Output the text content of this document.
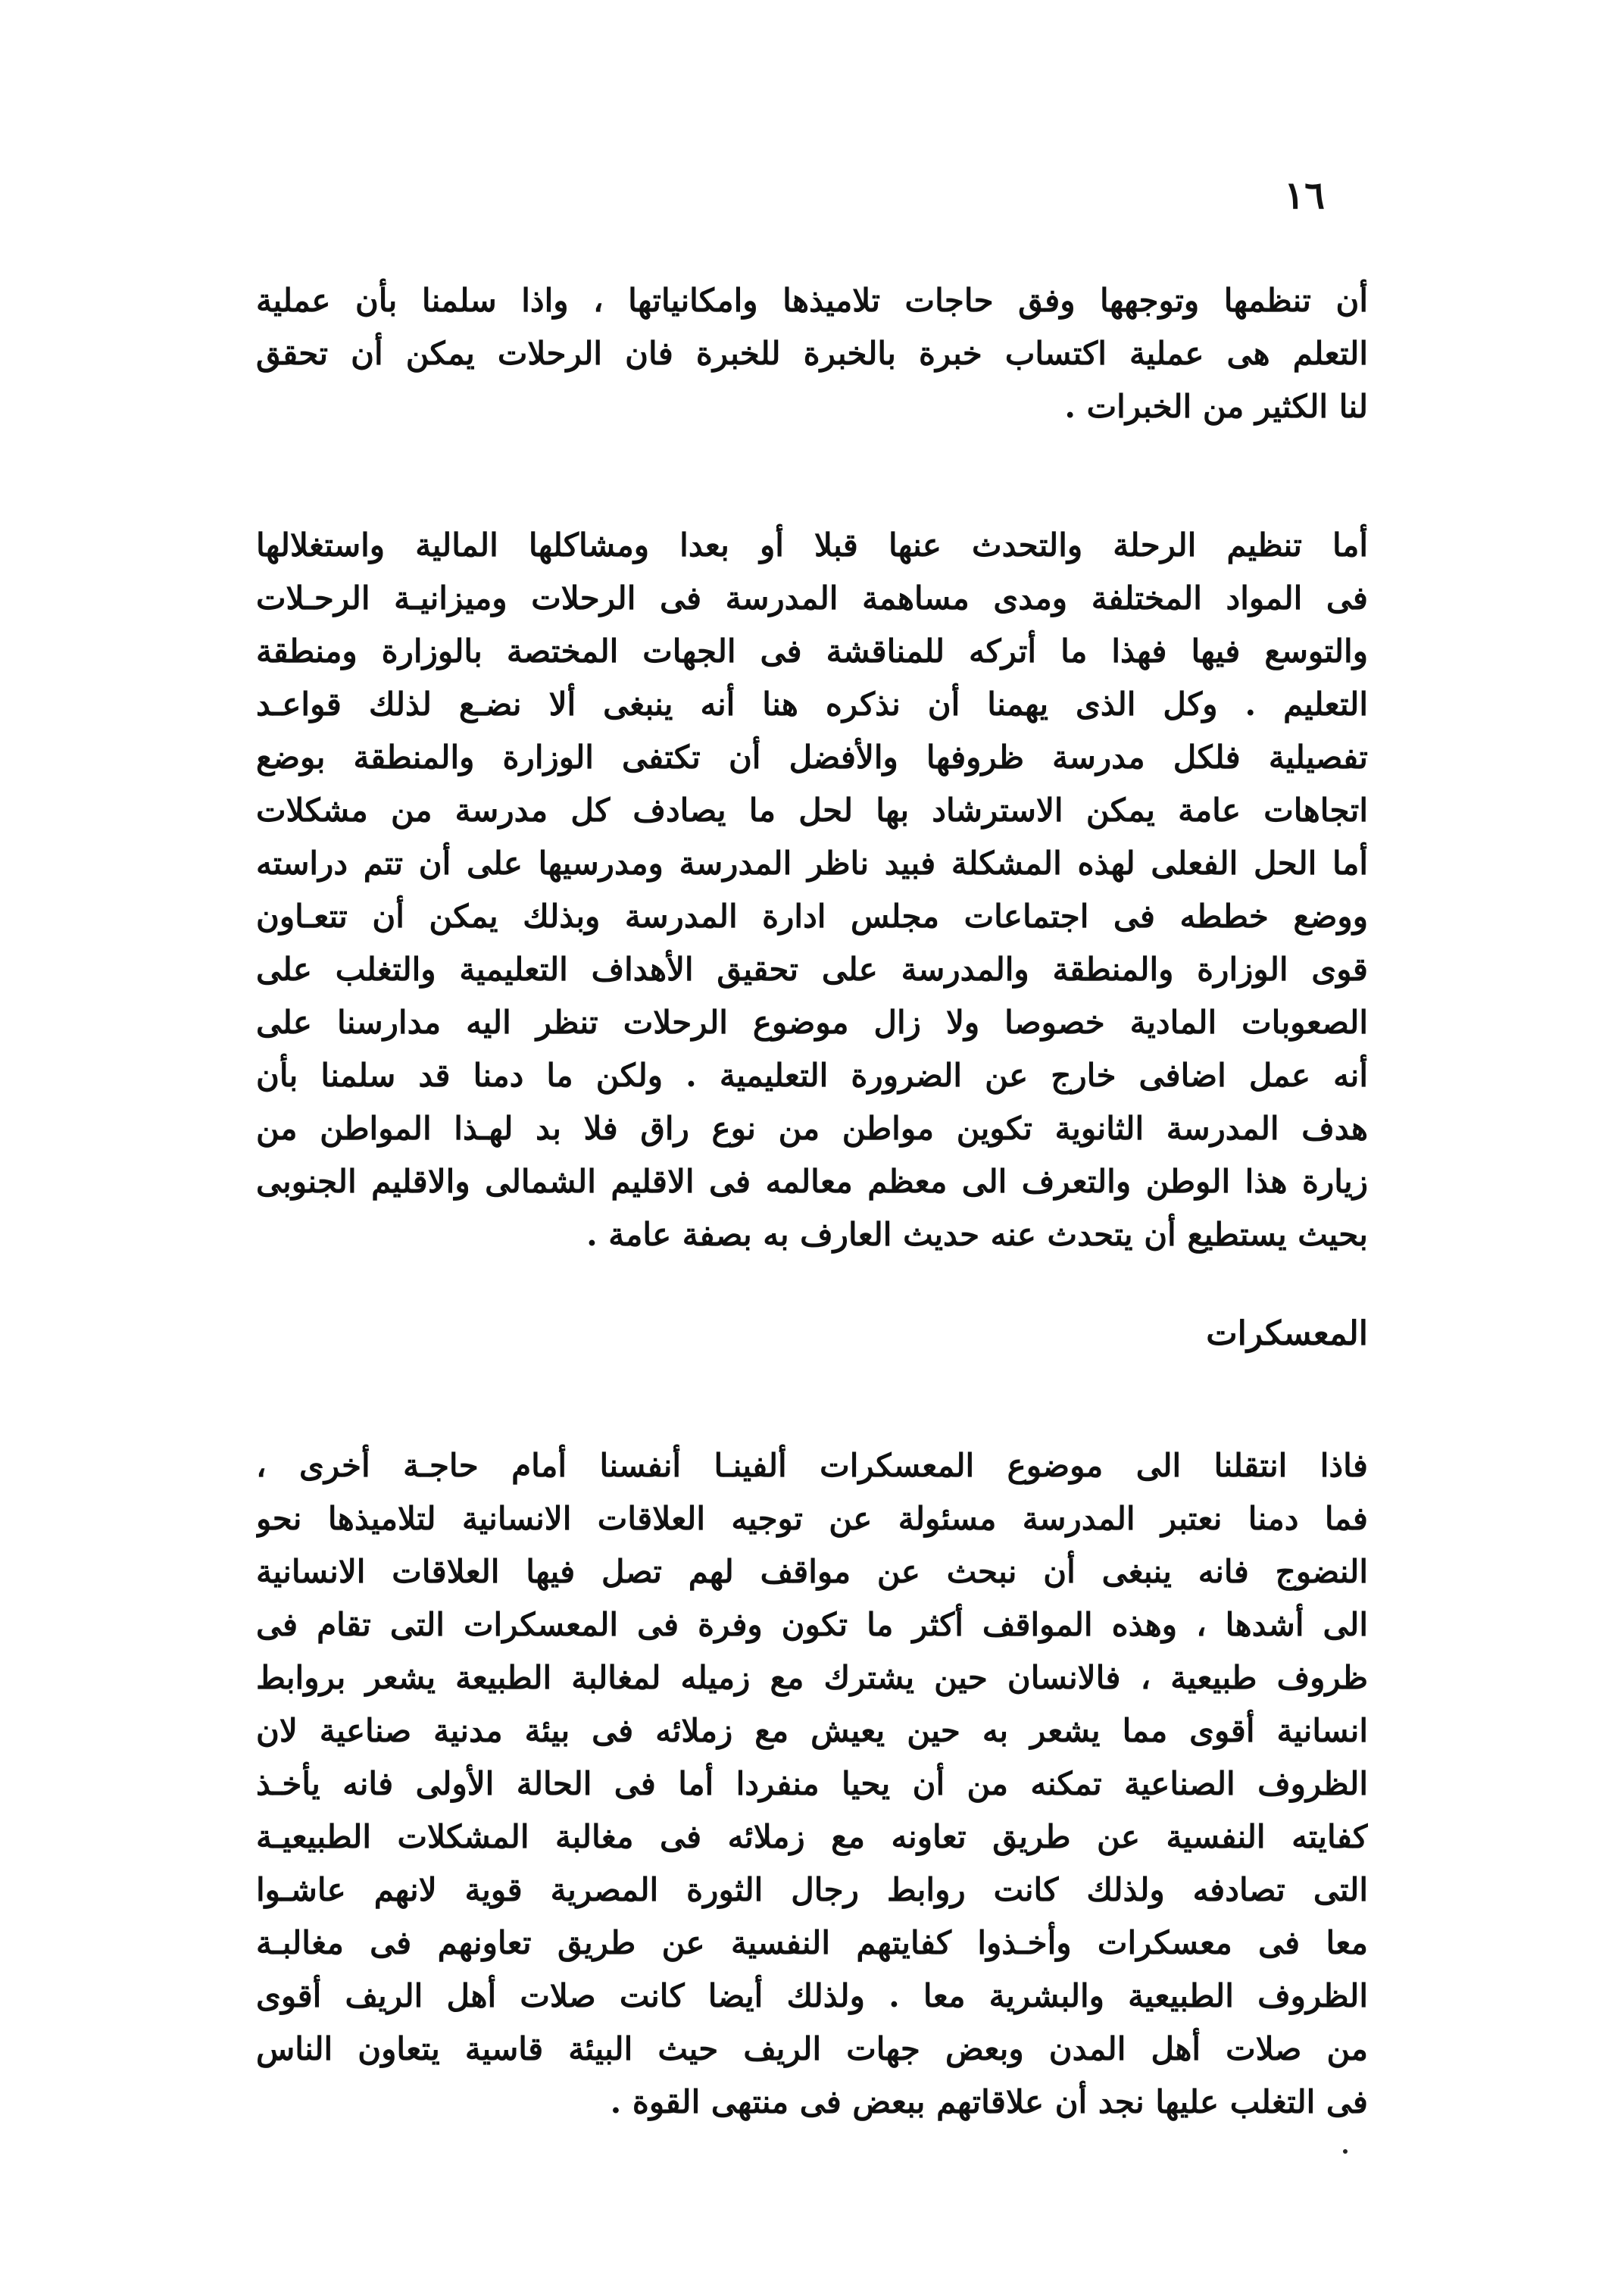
١٦
أن تنظمها وتوجهها وفق حاجات تلاميذها وامكانياتها ، واذا سلمنا بأن عملية
التعلم هى عملية اكتساب خبرة بالخبرة للخبرة فان الرحلات يمكن أن تحقق
لنا الكثير من الخبرات .
أما تنظيم الرحلة والتحدث عنها قبلا أو بعدا ومشاكلها المالية واستغلالها
فى المواد المختلفة ومدى مساهمة المدرسة فى الرحلات وميزانيـة الرحـلات
والتوسع فيها فهذا ما أتركه للمناقشة فى الجهات المختصة بالوزارة ومنطقة
التعليم . وكل الذى يهمنا أن نذكره هنا أنه ينبغى ألا نضـع لذلك قواعـد
تفصيلية فلكل مدرسة ظروفها والأفضل أن تكتفى الوزارة والمنطقة بوضع
اتجاهات عامة يمكن الاسترشاد بها لحل ما يصادف كل مدرسة من مشكلات
أما الحل الفعلى لهذه المشكلة فبيد ناظر المدرسة ومدرسيها على أن تتم دراسته
ووضع خططه فى اجتماعات مجلس ادارة المدرسة وبذلك يمكن أن تتعـاون
قوى الوزارة والمنطقة والمدرسة على تحقيق الأهداف التعليمية والتغلب على
الصعوبات المادية خصوصا ولا زال موضوع الرحلات تنظر اليه مدارسنا على
أنه عمل اضافى خارج عن الضرورة التعليمية . ولكن ما دمنا قد سلمنا بأن
هدف المدرسة الثانوية تكوين مواطن من نوع راق فلا بد لهـذا المواطن من
زيارة هذا الوطن والتعرف الى معظم معالمه فى الاقليم الشمالى والاقليم الجنوبى
بحيث يستطيع أن يتحدث عنه حديث العارف به بصفة عامة .
المعسكرات
فاذا انتقلنا الى موضوع المعسكرات ألفينـا أنفسنا أمام حاجـة أخرى ،
فما دمنا نعتبر المدرسة مسئولة عن توجيه العلاقات الانسانية لتلاميذها نحو
النضوج فانه ينبغى أن نبحث عن مواقف لهم تصل فيها العلاقات الانسانية
الى أشدها ، وهذه المواقف أكثر ما تكون وفرة فى المعسكرات التى تقام فى
ظروف طبيعية ، فالانسان حين يشترك مع زميله لمغالبة الطبيعة يشعر بروابط
انسانية أقوى مما يشعر به حين يعيش مع زملائه فى بيئة مدنية صناعية لان
الظروف الصناعية تمكنه من أن يحيا منفردا أما فى الحالة الأولى فانه يأخـذ
كفايته النفسية عن طريق تعاونه مع زملائه فى مغالبة المشكلات الطبيعيـة
التى تصادفه ولذلك كانت روابط رجال الثورة المصرية قوية لانهم عاشـوا
معا فى معسكرات وأخـذوا كفايتهم النفسية عن طريق تعاونهم فى مغالبـة
الظروف الطبيعية والبشرية معا . ولذلك أيضا كانت صلات أهل الريف أقوى
من صلات أهل المدن وبعض جهات الريف حيث البيئة قاسية يتعاون الناس
فى التغلب عليها نجد أن علاقاتهم ببعض فى منتهى القوة .
